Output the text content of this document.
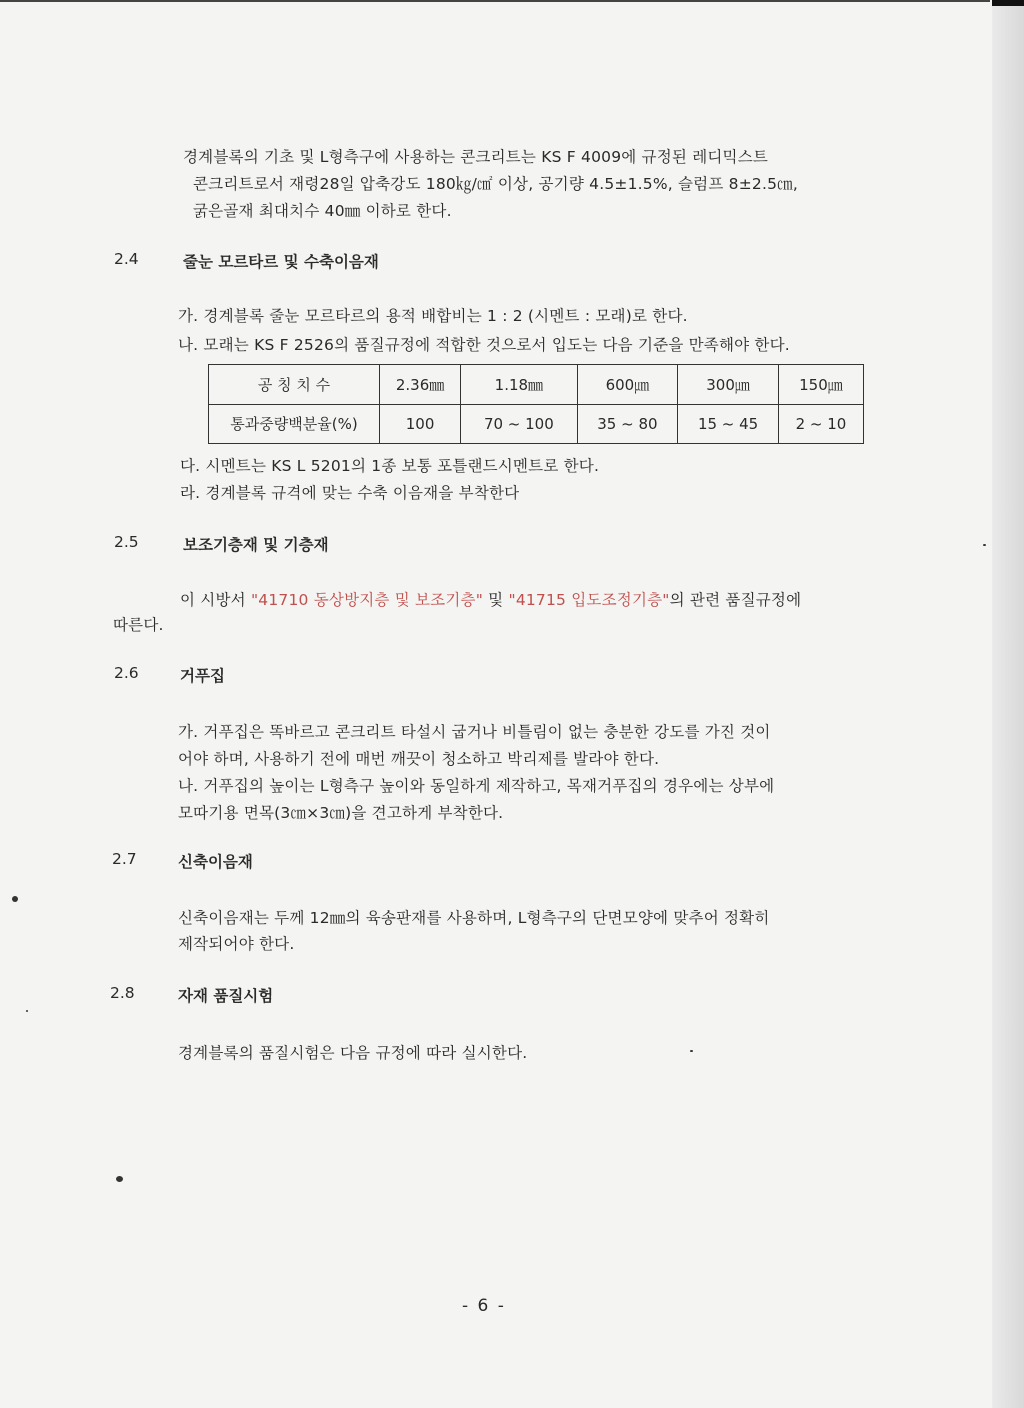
경계블록의 기초 및 L형측구에 사용하는 콘크리트는 KS F 4009에 규정된 레디믹스트
콘크리트로서 재령28일 압축강도 180㎏/㎠ 이상, 공기량 4.5±1.5%, 슬럼프 8±2.5㎝,
굵은골재 최대치수 40㎜ 이하로 한다.
2.4	줄눈 모르타르 및 수축이음재
가. 경계블록 줄눈 모르타르의 용적 배합비는 1 : 2 (시멘트 : 모래)로 한다.
나. 모래는 KS F 2526의 품질규정에 적합한 것으로서 입도는 다음 기준을 만족해야 한다.
공 칭 치 수	2.36㎜	1.18㎜	600㎛	300㎛	150㎛
통과중량백분율(%)	100	70 ~ 100	35 ~ 80	15 ~ 45	2 ~ 10
다. 시멘트는 KS L 5201의 1종 보통 포틀랜드시멘트로 한다.
라. 경계블록 규격에 맞는 수축 이음재을 부착한다
2.5	보조기층재 및 기층재
이 시방서 "41710 동상방지층 및 보조기층" 및 "41715 입도조정기층"의 관련 품질규정에
따른다.
2.6	거푸집
가. 거푸집은 똑바르고 콘크리트 타설시 굽거나 비틀림이 없는 충분한 강도를 가진 것이
어야 하며, 사용하기 전에 매번 깨끗이 청소하고 박리제를 발라야 한다.
나. 거푸집의 높이는 L형측구 높이와 동일하게 제작하고, 목재거푸집의 경우에는 상부에
모따기용 면목(3㎝×3㎝)을 견고하게 부착한다.
2.7	신축이음재
신축이음재는 두께 12㎜의 육송판재를 사용하며, L형측구의 단면모양에 맞추어 정확히
제작되어야 한다.
2.8	자재 품질시험
경계블록의 품질시험은 다음 규정에 따라 실시한다.
- 6 -
